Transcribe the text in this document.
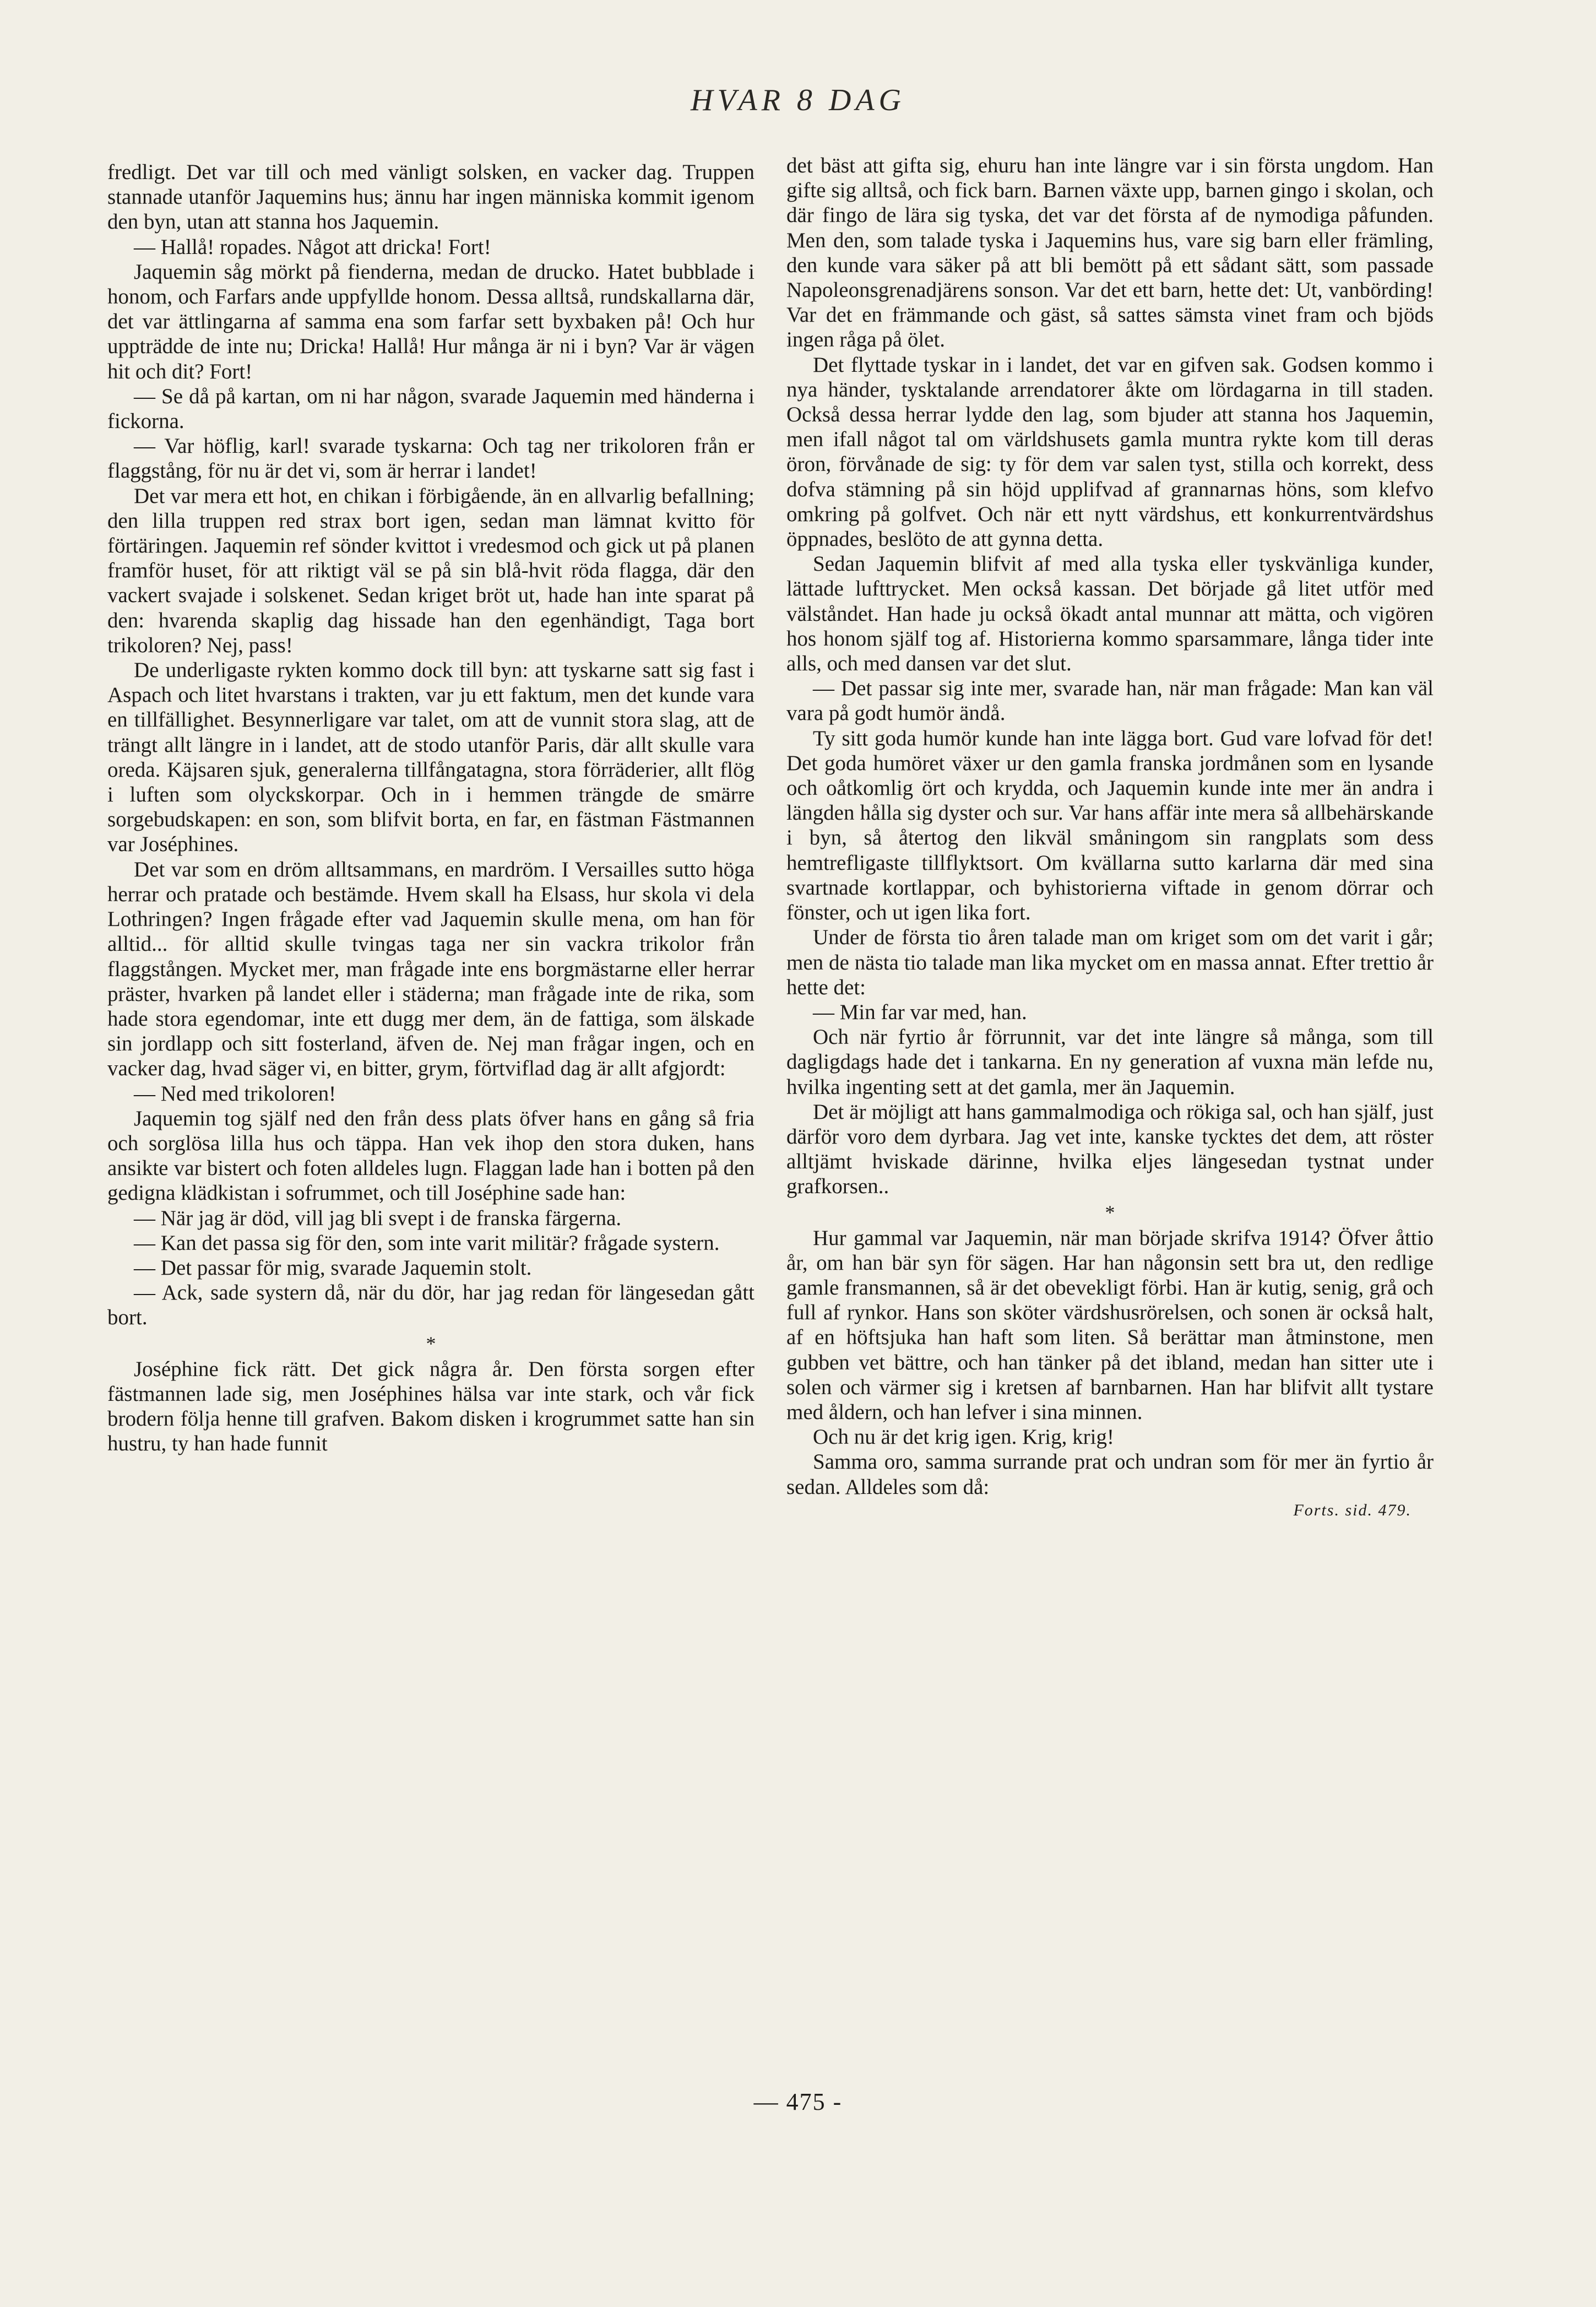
HVAR 8 DAG

fredligt. Det var till och med vänligt solsken, en vacker dag. Truppen stannade utanför Jaquemins hus; ännu har ingen människa kommit igenom den byn, utan att stanna hos Jaquemin.

— Hallå! ropades. Något att dricka! Fort!

Jaquemin såg mörkt på fienderna, medan de drucko. Hatet bubblade i honom, och Farfars ande uppfyllde honom. Dessa alltså, rundskallarna där, det var ättlingarna af samma ena som farfar sett byxbaken på! Och hur uppträdde de inte nu; Dricka! Hallå! Hur många är ni i byn? Var är vägen hit och dit? Fort!

— Se då på kartan, om ni har någon, svarade Jaquemin med händerna i fickorna.

— Var höflig, karl! svarade tyskarna: Och tag ner trikoloren från er flaggstång, för nu är det vi, som är herrar i landet!

Det var mera ett hot, en chikan i förbigående, än en allvarlig befallning; den lilla truppen red strax bort igen, sedan man lämnat kvitto för förtäringen. Jaquemin ref sönder kvittot i vredesmod och gick ut på planen framför huset, för att riktigt väl se på sin blå-hvit röda flagga, där den vackert svajade i solskenet. Sedan kriget bröt ut, hade han inte sparat på den: hvarenda skaplig dag hissade han den egenhändigt, Taga bort trikoloren? Nej, pass!

De underligaste rykten kommo dock till byn: att tyskarne satt sig fast i Aspach och litet hvarstans i trakten, var ju ett faktum, men det kunde vara en tillfällighet. Besynnerligare var talet, om att de vunnit stora slag, att de trängt allt längre in i landet, att de stodo utanför Paris, där allt skulle vara oreda. Käjsaren sjuk, generalerna tillfångatagna, stora förräderier, allt flög i luften som olyckskorpar. Och in i hemmen trängde de smärre sorgebudskapen: en son, som blifvit borta, en far, en fästman Fästmannen var Joséphines.

Det var som en dröm alltsammans, en mardröm. I Versailles sutto höga herrar och pratade och bestämde. Hvem skall ha Elsass, hur skola vi dela Lothringen? Ingen frågade efter vad Jaquemin skulle mena, om han för alltid... för alltid skulle tvingas taga ner sin vackra trikolor från flaggstången. Mycket mer, man frågade inte ens borgmästarne eller herrar präster, hvarken på landet eller i städerna; man frågade inte de rika, som hade stora egendomar, inte ett dugg mer dem, än de fattiga, som älskade sin jordlapp och sitt fosterland, äfven de. Nej man frågar ingen, och en vacker dag, hvad säger vi, en bitter, grym, förtviflad dag är allt afgjordt:

— Ned med trikoloren!

Jaquemin tog själf ned den från dess plats öfver hans en gång så fria och sorglösa lilla hus och täppa. Han vek ihop den stora duken, hans ansikte var bistert och foten alldeles lugn. Flaggan lade han i botten på den gedigna klädkistan i sofrummet, och till Joséphine sade han:

— När jag är död, vill jag bli svept i de franska färgerna.

— Kan det passa sig för den, som inte varit militär? frågade systern.

— Det passar för mig, svarade Jaquemin stolt.

— Ack, sade systern då, när du dör, har jag redan för längesedan gått bort.

*

Joséphine fick rätt. Det gick några år. Den första sorgen efter fästmannen lade sig, men Joséphines hälsa var inte stark, och vår fick brodern följa henne till grafven. Bakom disken i krogrummet satte han sin hustru, ty han hade funnit

det bäst att gifta sig, ehuru han inte längre var i sin första ungdom. Han gifte sig alltså, och fick barn. Barnen växte upp, barnen gingo i skolan, och där fingo de lära sig tyska, det var det första af de nymodiga påfunden. Men den, som talade tyska i Jaquemins hus, vare sig barn eller främling, den kunde vara säker på att bli bemött på ett sådant sätt, som passade Napoleonsgrenadjärens sonson. Var det ett barn, hette det: Ut, vanbörding! Var det en främmande och gäst, så sattes sämsta vinet fram och bjöds ingen råga på ölet.

Det flyttade tyskar in i landet, det var en gifven sak. Godsen kommo i nya händer, tysktalande arrendatorer åkte om lördagarna in till staden. Också dessa herrar lydde den lag, som bjuder att stanna hos Jaquemin, men ifall något tal om världshusets gamla muntra rykte kom till deras öron, förvånade de sig: ty för dem var salen tyst, stilla och korrekt, dess dofva stämning på sin höjd upplifvad af grannarnas höns, som klefvo omkring på golfvet. Och när ett nytt värdshus, ett konkurrentvärdshus öppnades, beslöto de att gynna detta.

Sedan Jaquemin blifvit af med alla tyska eller tyskvänliga kunder, lättade lufttrycket. Men också kassan. Det började gå litet utför med välståndet. Han hade ju också ökadt antal munnar att mätta, och vigören hos honom själf tog af. Historierna kommo sparsammare, långa tider inte alls, och med dansen var det slut.

— Det passar sig inte mer, svarade han, när man frågade: Man kan väl vara på godt humör ändå.

Ty sitt goda humör kunde han inte lägga bort. Gud vare lofvad för det! Det goda humöret växer ur den gamla franska jordmånen som en lysande och oåtkomlig ört och krydda, och Jaquemin kunde inte mer än andra i längden hålla sig dyster och sur. Var hans affär inte mera så allbehärskande i byn, så återtog den likväl småningom sin rangplats som dess hemtrefligaste tillflyktsort. Om kvällarna sutto karlarna där med sina svartnade kortlappar, och byhistorierna viftade in genom dörrar och fönster, och ut igen lika fort.

Under de första tio åren talade man om kriget som om det varit i går; men de nästa tio talade man lika mycket om en massa annat. Efter trettio år hette det:

— Min far var med, han.

Och när fyrtio år förrunnit, var det inte längre så många, som till dagligdags hade det i tankarna. En ny generation af vuxna män lefde nu, hvilka ingenting sett at det gamla, mer än Jaquemin.

Det är möjligt att hans gammalmodiga och rökiga sal, och han själf, just därför voro dem dyrbara. Jag vet inte, kanske tycktes det dem, att röster alltjämt hviskade därinne, hvilka eljes längesedan tystnat under grafkorsen..

*

Hur gammal var Jaquemin, när man började skrifva 1914? Öfver åttio år, om han bär syn för sägen. Har han någonsin sett bra ut, den redlige gamle fransmannen, så är det obevekligt förbi. Han är kutig, senig, grå och full af rynkor. Hans son sköter värdshusrörelsen, och sonen är också halt, af en höftsjuka han haft som liten. Så berättar man åtminstone, men gubben vet bättre, och han tänker på det ibland, medan han sitter ute i solen och värmer sig i kretsen af barnbarnen. Han har blifvit allt tystare med åldern, och han lefver i sina minnen.

Och nu är det krig igen. Krig, krig!

Samma oro, samma surrande prat och undran som för mer än fyrtio år sedan. Alldeles som då:

Forts. sid. 479.
— 475 -
